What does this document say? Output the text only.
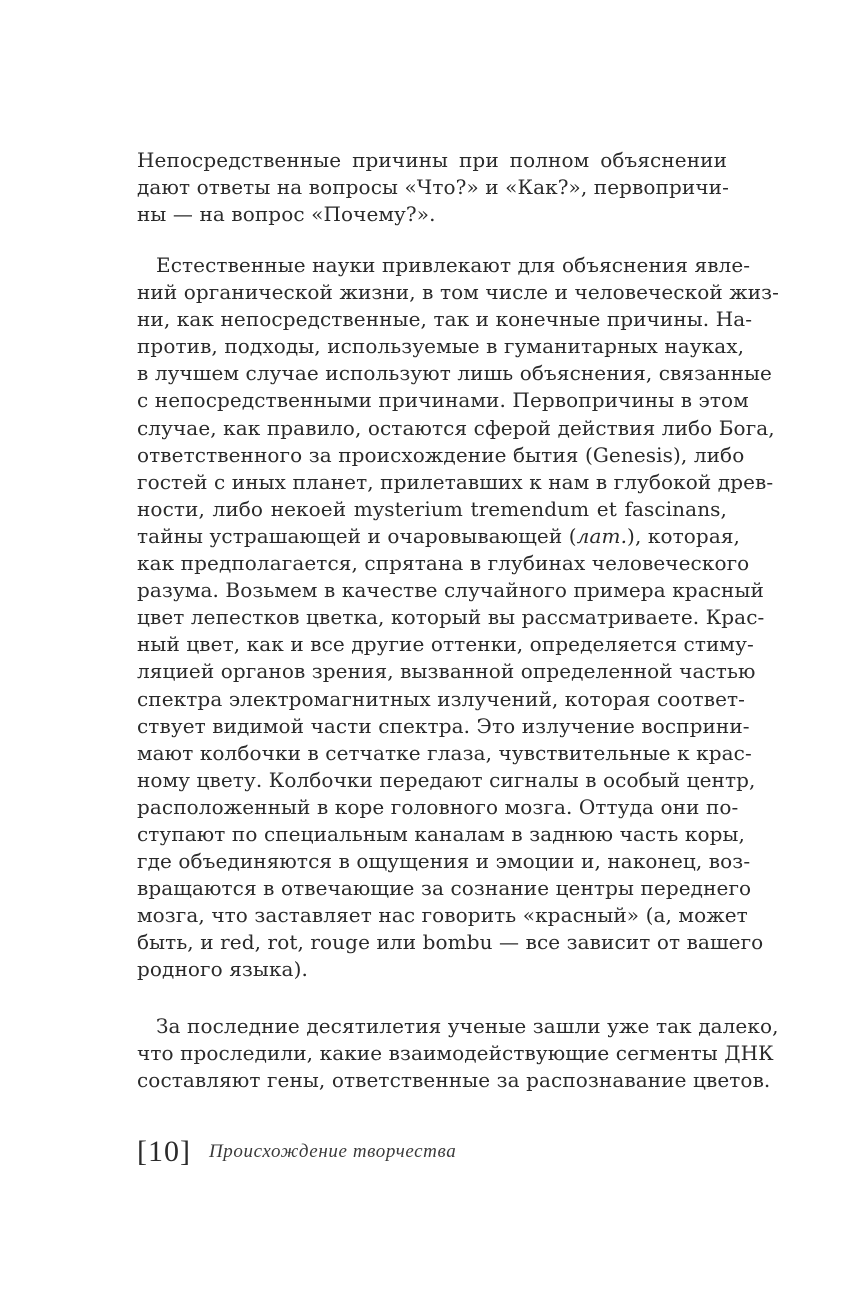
Непосредственные причины при полном объяснении
дают ответы на вопросы «Что?» и «Как?», первопричи-
ны — на вопрос «Почему?».
Естественные науки привлекают для объяснения явле-
ний органической жизни, в том числе и человеческой жиз-
ни, как непосредственные, так и конечные причины. На-
против, подходы, используемые в гуманитарных науках,
в лучшем случае используют лишь объяснения, связанные
с непосредственными причинами. Первопричины в этом
случае, как правило, остаются сферой действия либо Бога,
ответственного за происхождение бытия (Genesis), либо
гостей с иных планет, прилетавших к нам в глубокой древ-
ности, либо некоей mysterium tremendum et fascinans,
тайны устрашающей и очаровывающей (лат.), которая,
как предполагается, спрятана в глубинах человеческого
разума. Возьмем в качестве случайного примера красный
цвет лепестков цветка, который вы рассматриваете. Крас-
ный цвет, как и все другие оттенки, определяется стиму-
ляцией органов зрения, вызванной определенной частью
спектра электромагнитных излучений, которая соответ-
ствует видимой части спектра. Это излучение восприни-
мают колбочки в сетчатке глаза, чувствительные к крас-
ному цвету. Колбочки передают сигналы в особый центр,
расположенный в коре головного мозга. Оттуда они по-
ступают по специальным каналам в заднюю часть коры,
где объединяются в ощущения и эмоции и, наконец, воз-
вращаются в отвечающие за сознание центры переднего
мозга, что заставляет нас говорить «красный» (а, может
быть, и red, rot, rouge или bombu — все зависит от вашего
родного языка).
За последние десятилетия ученые зашли уже так далеко,
что проследили, какие взаимодействующие сегменты ДНК
составляют гены, ответственные за распознавание цветов.
[10] Происхождение творчества
